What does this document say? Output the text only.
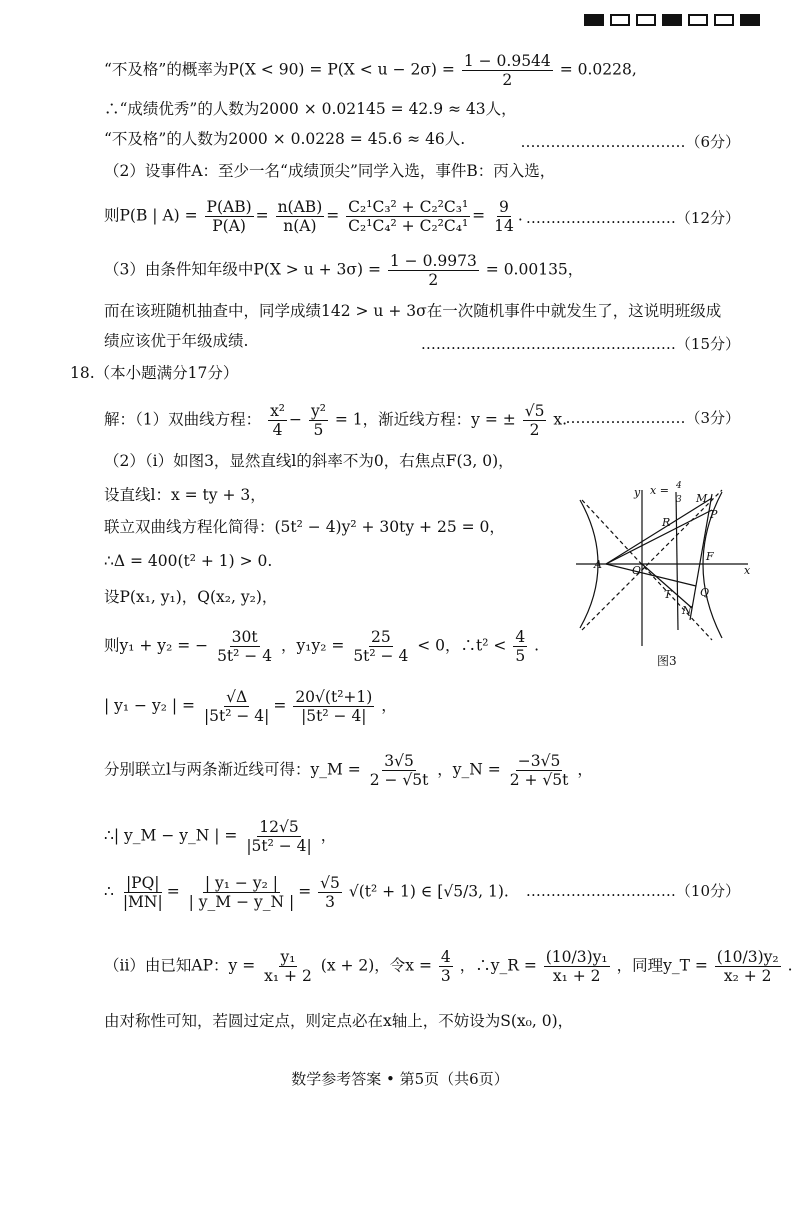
“不及格”的概率为$P(X < 90) = P(X < u - 2\sigma) = \frac{1 - 0.9544}{2} = 0.0228$,
∴“成绩优秀”的人数为2000 × 0.02145 = 42.9 ≈ 43人，
“不及格”的人数为2000 × 0.0228 = 45.6 ≈ 46人.	……………………………（6分）
（2）设事件A：至少一名“成绩顶尖”同学入选，事件B：丙入选，
则P(B | $A) = \frac{P(AB)}{P(A)} = \frac{n(AB)}{n(A)} = \frac{\text{C₂¹C₃² + C₂²C₃¹}}{\text{C₂¹C₄² + C₂²C₄¹}} = \frac{9}{14}$ . …………………………（12分）
（3）由条件知年级中$P(X > u + 3\sigma) = \frac{1 - 0.9973}{2} = 0.00135$，
而在该班随机抽查中，同学成绩142 > u + 3σ在一次随机事件中就发生了，这说明班级成
绩应该优于年级成绩.	……………………………………………（15分）
18.（本小题满分17分）
解：（1）双曲线方程： $\frac{\text{x²}}{4} - \frac{\text{y²}}{5} = 1$，渐近线方程：y = ± $\frac{√5}{2} x$.
……………………（3分）
（2）（i）如图3，显然直线l的斜率不为0，右焦点F(3, 0)，
设直线l：x = ty + 3，
联立双曲线方程化简得：(5t² − 4)y² + 30ty + 25 = 0，
∴Δ = 400(t² + 1) > 0.
设P(x₁, y₁)，Q(x₂, y₂)，
则y₁ + y₂ = − $\frac{30t}{\text{5t² − 4}}$ ，$y_1y_2 = \frac{25}{\text{5t² − 4}} < 0$，∴t² < $\frac{4}{5}$ .
| y₁ − y₂ | = $\frac{√\Delta}{\text{|5t² − 4|}} = \frac{\text{20√(t²+1)}}{\text{|5t² − 4|}}$ ，
分别联立l与两条渐近线可得：y_M = $\frac{3√5}{2 - √5t}$ ，y_N = $\frac{-3√5}{2 + √5t}$ ，
∴| y_M − y_N | = $\frac{12√5}{\text{|5t² − 4|}}$ ，
∴ $\frac{|PQ|}{|MN|} = \frac{\text{| y₁ − y₂ |}}{| y\_M - y\_N |} = \frac{√5}{3} √(t^2 + 1)$ ∈ [√5/3, 1). …………………………（10分）
（ii）由已知AP：$y = \frac{\text{y₁}}{\text{x₁ + 2}} (x + 2)$，令$x = \frac{4}{3}$ ，∴y_R = $\frac{\text{(10/3)y₁}}{\text{x₁ + 2}}$ ，同理y_T = $\frac{\text{(10/3)y₂}}{\text{x₂ + 2}}$ .
由对称性可知，若圆过定点，则定点必在x轴上，不妨设为S(x₀, 0)，
y x = 4
3 M
P
R
A	O
F
x
T	Q
N
图3
数学参考答案 • 第5页（共6页）
